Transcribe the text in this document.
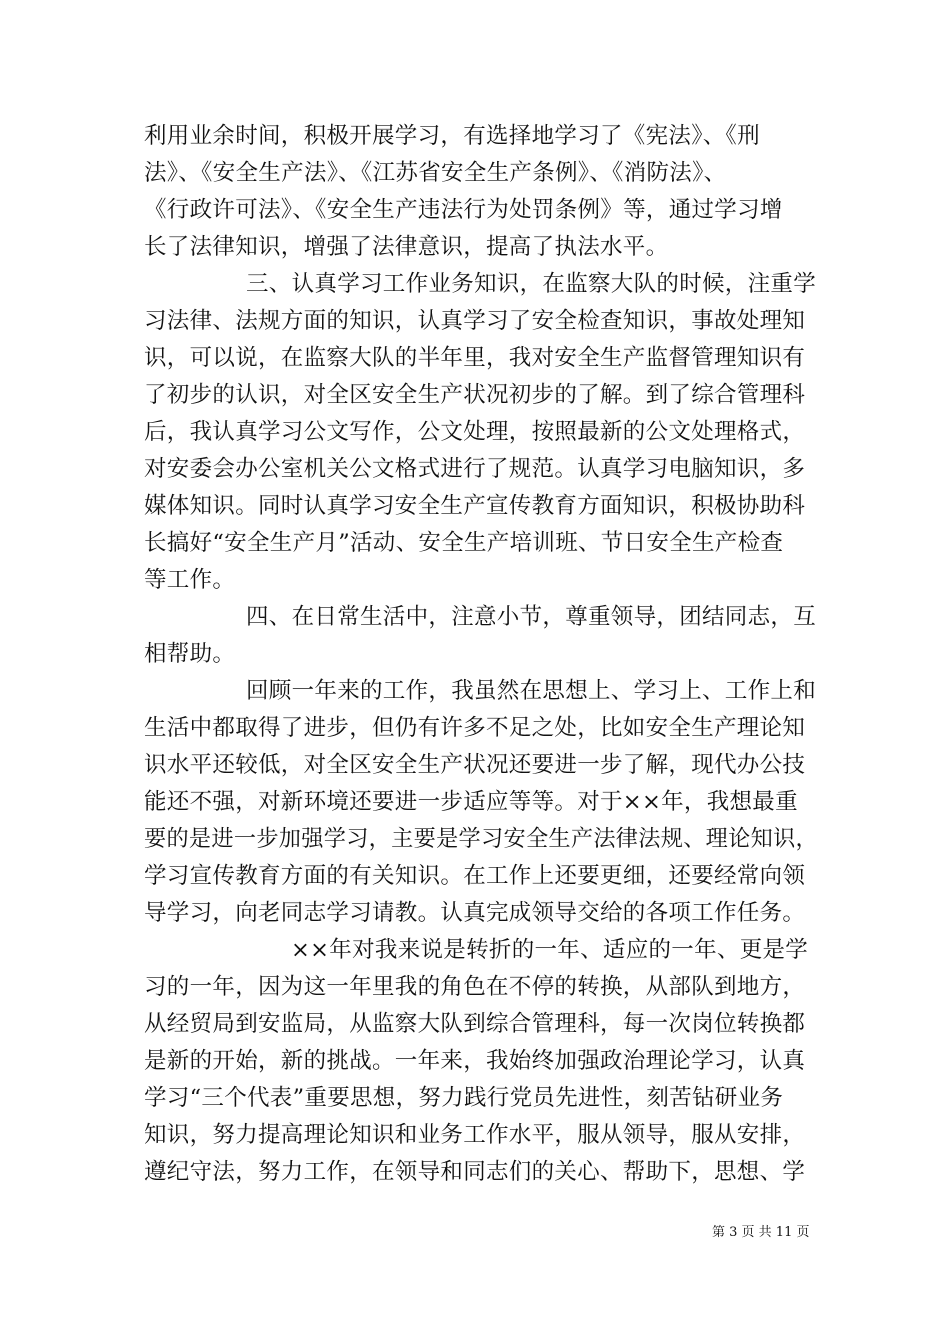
利用业余时间，积极开展学习，有选择地学习了《宪法》、《刑
法》、《安全生产法》、《江苏省安全生产条例》、《消防法》、
《行政许可法》、《安全生产违法行为处罚条例》等，通过学习增
长了法律知识，增强了法律意识，提高了执法水平。
三、认真学习工作业务知识，在监察大队的时候，注重学
习法律、法规方面的知识，认真学习了安全检查知识，事故处理知
识，可以说，在监察大队的半年里，我对安全生产监督管理知识有
了初步的认识，对全区安全生产状况初步的了解。到了综合管理科
后，我认真学习公文写作，公文处理，按照最新的公文处理格式，
对安委会办公室机关公文格式进行了规范。认真学习电脑知识，多
媒体知识。同时认真学习安全生产宣传教育方面知识，积极协助科
长搞好“安全生产月”活动、安全生产培训班、节日安全生产检查
等工作。
四、在日常生活中，注意小节，尊重领导，团结同志，互
相帮助。
回顾一年来的工作，我虽然在思想上、学习上、工作上和
生活中都取得了进步，但仍有许多不足之处，比如安全生产理论知
识水平还较低，对全区安全生产状况还要进一步了解，现代办公技
能还不强，对新环境还要进一步适应等等。对于××年，我想最重
要的是进一步加强学习，主要是学习安全生产法律法规、理论知识，
学习宣传教育方面的有关知识。在工作上还要更细，还要经常向领
导学习，向老同志学习请教。认真完成领导交给的各项工作任务。
××年对我来说是转折的一年、适应的一年、更是学
习的一年，因为这一年里我的角色在不停的转换，从部队到地方，
从经贸局到安监局，从监察大队到综合管理科，每一次岗位转换都
是新的开始，新的挑战。一年来，我始终加强政治理论学习，认真
学习“三个代表”重要思想，努力践行党员先进性，刻苦钻研业务
知识，努力提高理论知识和业务工作水平，服从领导，服从安排，
遵纪守法，努力工作，在领导和同志们的关心、帮助下，思想、学
第 3 页 共 11 页
